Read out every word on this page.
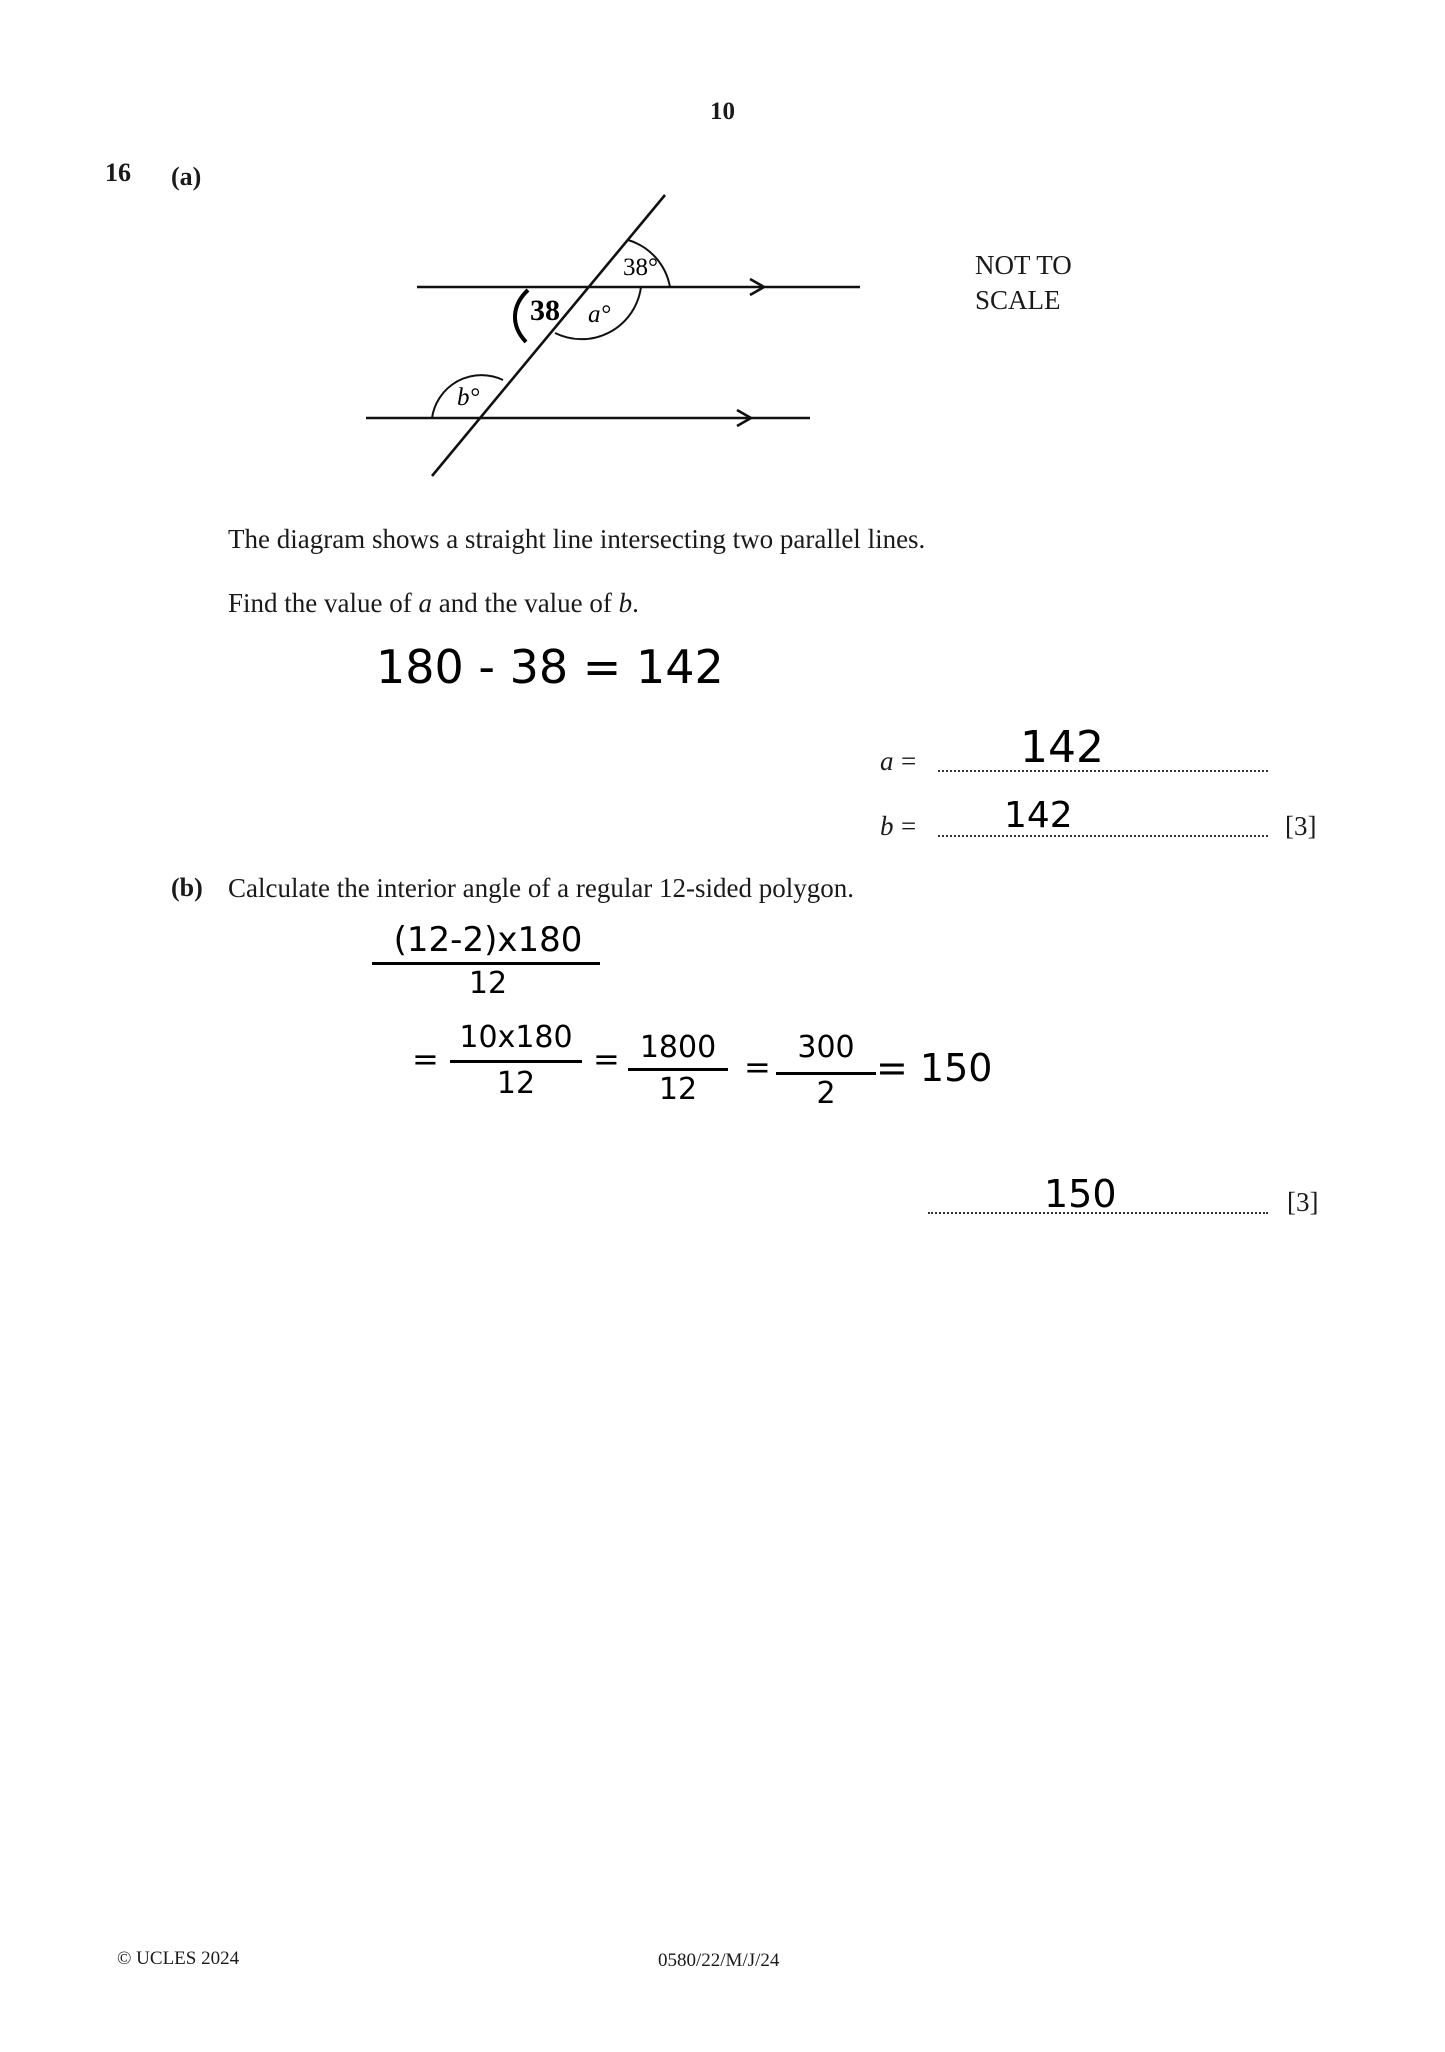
10
16 (a)
38°
a°
b°
38
NOT TO SCALE
The diagram shows a straight line intersecting two parallel lines.
Find the value of a and the value of b.
180 - 38 = 142
a = 142
b = 142	[3]
(b) Calculate the interior angle of a regular 12-sided polygon.
(12-2)x180
12
=
10x180
12
= 1800
12
=
300
2
= 150
150	[3]
© UCLES 2024	0580/22/M/J/24
